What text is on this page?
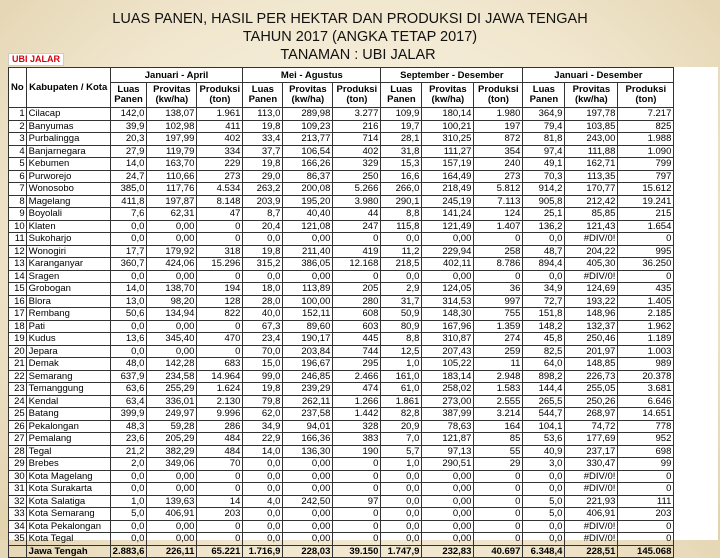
LUAS PANEN, HASIL PER HEKTAR DAN PRODUKSI DI JAWA TENGAH
TAHUN 2017 (ANGKA TETAP 2017)
TANAMAN : UBI JALAR
UBI JALAR
No	Kabupaten / Kota	Januari - April			Mei - Agustus			September - Desember			Januari - Desember		
		Luas Panen	Provitas (kw/ha)	Produksi (ton)	Luas Panen	Provitas (kw/ha)	Produksi (ton)	Luas Panen	Provitas (kw/ha)	Produksi (ton)	Luas Panen	Provitas (kw/ha)	Produksi (ton)
1	Cilacap	142,0	138,07	1.961	113,0	289,98	3.277	109,9	180,14	1.980	364,9	197,78	7.217
2	Banyumas	39,9	102,98	411	19,8	109,23	216	19,7	100,21	197	79,4	103,85	825
3	Purbalingga	20,3	197,99	402	33,4	213,77	714	28,1	310,25	872	81,8	243,00	1.988
4	Banjarnegara	27,9	119,79	334	37,7	106,54	402	31,8	111,27	354	97,4	111,88	1.090
5	Kebumen	14,0	163,70	229	19,8	166,26	329	15,3	157,19	240	49,1	162,71	799
6	Purworejo	24,7	110,66	273	29,0	86,37	250	16,6	164,49	273	70,3	113,35	797
7	Wonosobo	385,0	117,76	4.534	263,2	200,08	5.266	266,0	218,49	5.812	914,2	170,77	15.612
8	Magelang	411,8	197,87	8.148	203,9	195,20	3.980	290,1	245,19	7.113	905,8	212,42	19.241
9	Boyolali	7,6	62,31	47	8,7	40,40	44	8,8	141,24	124	25,1	85,85	215
10	Klaten	0,0	0,00	0	20,4	121,08	247	115,8	121,49	1.407	136,2	121,43	1.654
11	Sukoharjo	0,0	0,00	0	0,0	0,00	0	0,0	0,00	0	0,0	#DIV/0!	0
12	Wonogiri	17,7	179,92	318	19,8	211,40	419	11,2	229,94	258	48,7	204,22	995
13	Karanganyar	360,7	424,06	15.296	315,2	386,05	12.168	218,5	402,11	8.786	894,4	405,30	36.250
14	Sragen	0,0	0,00	0	0,0	0,00	0	0,0	0,00	0	0,0	#DIV/0!	0
15	Grobogan	14,0	138,70	194	18,0	113,89	205	2,9	124,05	36	34,9	124,69	435
16	Blora	13,0	98,20	128	28,0	100,00	280	31,7	314,53	997	72,7	193,22	1.405
17	Rembang	50,6	134,94	822	40,0	152,11	608	50,9	148,30	755	151,8	148,96	2.185
18	Pati	0,0	0,00	0	67,3	89,60	603	80,9	167,96	1.359	148,2	132,37	1.962
19	Kudus	13,6	345,40	470	23,4	190,17	445	8,8	310,87	274	45,8	250,46	1.189
20	Jepara	0,0	0,00	0	70,0	203,84	744	12,5	207,43	259	82,5	201,97	1.003
21	Demak	48,0	142,28	683	15,0	196,67	295	1,0	105,22	11	64,0	148,85	989
22	Semarang	637,9	234,58	14.964	99,0	246,85	2.466	161,0	183,14	2.948	898,2	226,73	20.378
23	Temanggung	63,6	255,29	1.624	19,8	239,29	474	61,0	258,02	1.583	144,4	255,05	3.681
24	Kendal	63,4	336,01	2.130	79,8	262,11	1.266	1.861	273,00	2.555	265,5	250,26	6.646
25	Batang	399,9	249,97	9.996	62,0	237,58	1.442	82,8	387,99	3.214	544,7	268,97	14.651
26	Pekalongan	48,3	59,28	286	34,9	94,01	328	20,9	78,63	164	104,1	74,72	778
27	Pemalang	23,6	205,29	484	22,9	166,36	383	7,0	121,87	85	53,6	177,69	952
28	Tegal	21,2	382,29	484	14,0	136,30	190	5,7	97,13	55	40,9	237,17	698
29	Brebes	2,0	349,06	70	0,0	0,00	0	1,0	290,51	29	3,0	330,47	99
30	Kota Magelang	0,0	0,00	0	0,0	0,00	0	0,0	0,00	0	0,0	#DIV/0!	0
31	Kota Surakarta	0,0	0,00	0	0,0	0,00	0	0,0	0,00	0	0,0	#DIV/0!	0
32	Kota Salatiga	1,0	139,63	14	4,0	242,50	97	0,0	0,00	0	5,0	221,93	111
33	Kota Semarang	5,0	406,91	203	0,0	0,00	0	0,0	0,00	0	5,0	406,91	203
34	Kota Pekalongan	0,0	0,00	0	0,0	0,00	0	0,0	0,00	0	0,0	#DIV/0!	0
35	Kota Tegal	0,0	0,00	0	0,0	0,00	0	0,0	0,00	0	0,0	#DIV/0!	0
	Jawa Tengah	2.883,6	226,11	65.221	1.716,9	228,03	39.150	1.747,9	232,83	40.697	6.348,4	228,51	145.068
